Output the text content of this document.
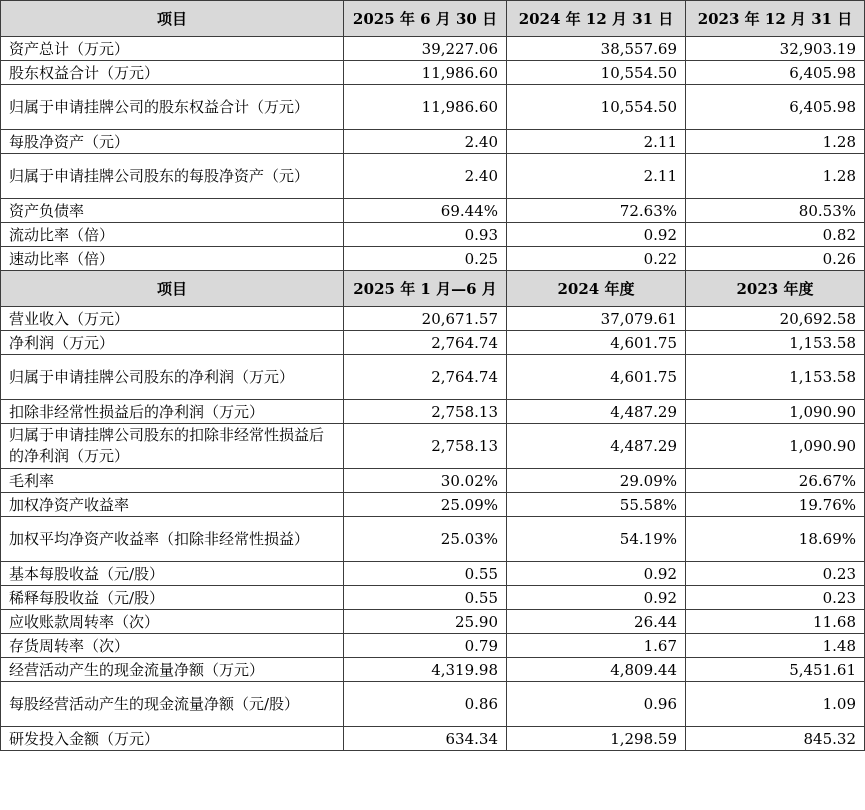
项目	2025 年 6 月 30 日	2024 年 12 月 31 日	2023 年 12 月 31 日
资产总计（万元）	39,227.06	38,557.69	32,903.19
股东权益合计（万元）	11,986.60	10,554.50	6,405.98
归属于申请挂牌公司的股东权益合计（万元）	11,986.60	10,554.50	6,405.98
每股净资产（元）	2.40	2.11	1.28
归属于申请挂牌公司股东的每股净资产（元）	2.40	2.11	1.28
资产负债率	69.44%	72.63%	80.53%
流动比率（倍）	0.93	0.92	0.82
速动比率（倍）	0.25	0.22	0.26
项目	2025 年 1 月—6 月	2024 年度	2023 年度
营业收入（万元）	20,671.57	37,079.61	20,692.58
净利润（万元）	2,764.74	4,601.75	1,153.58
归属于申请挂牌公司股东的净利润（万元）	2,764.74	4,601.75	1,153.58
扣除非经常性损益后的净利润（万元）	2,758.13	4,487.29	1,090.90
归属于申请挂牌公司股东的扣除非经常性损益后的净利润（万元）	2,758.13	4,487.29	1,090.90
毛利率	30.02%	29.09%	26.67%
加权净资产收益率	25.09%	55.58%	19.76%
加权平均净资产收益率（扣除非经常性损益）	25.03%	54.19%	18.69%
基本每股收益（元/股）	0.55	0.92	0.23
稀释每股收益（元/股）	0.55	0.92	0.23
应收账款周转率（次）	25.90	26.44	11.68
存货周转率（次）	0.79	1.67	1.48
经营活动产生的现金流量净额（万元）	4,319.98	4,809.44	5,451.61
每股经营活动产生的现金流量净额（元/股）	0.86	0.96	1.09
研发投入金额（万元）	634.34	1,298.59	845.32
